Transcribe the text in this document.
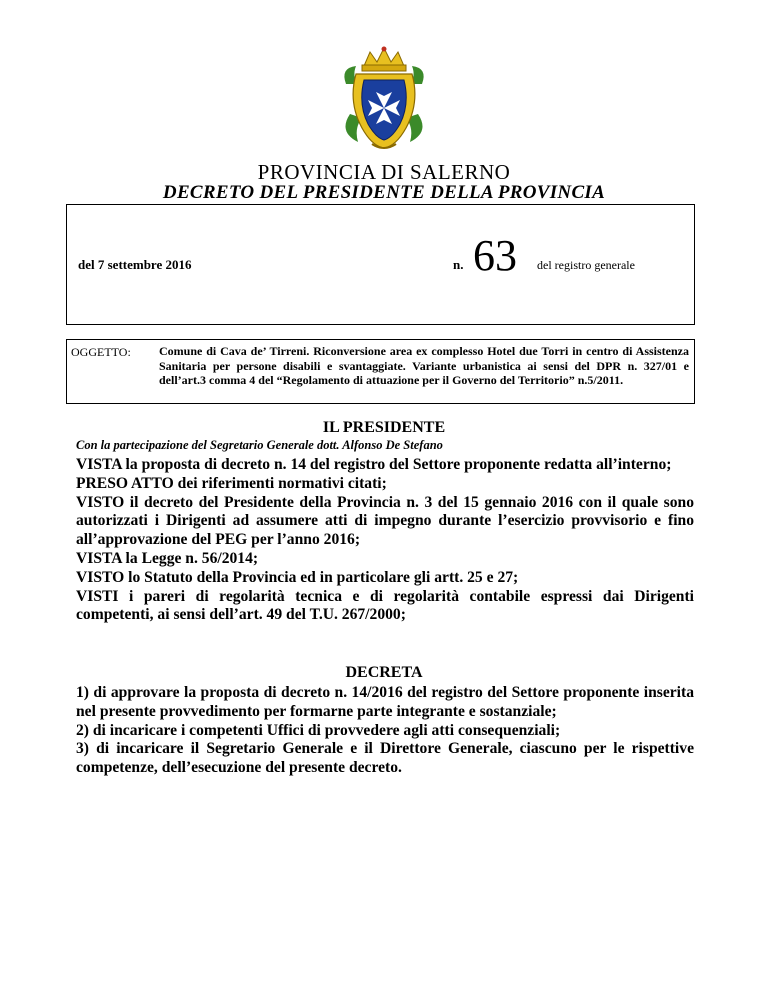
PROVINCIA DI SALERNO
DECRETO DEL PRESIDENTE DELLA PROVINCIA
del 7 settembre 2016	n. 63 del registro generale
OGGETTO: Comune di Cava de’ Tirreni. Riconversione area ex complesso Hotel due Torri in centro di Assistenza Sanitaria per persone disabili e svantaggiate. Variante urbanistica ai sensi del DPR n. 327/01 e dell’art.3 comma 4 del “Regolamento di attuazione per il Governo del Territorio” n.5/2011.
IL PRESIDENTE
Con la partecipazione del Segretario Generale dott. Alfonso De Stefano

VISTA la proposta di decreto n. 14 del registro del Settore proponente redatta all’interno;

PRESO ATTO dei riferimenti normativi citati;

VISTO il decreto del Presidente della Provincia n. 3 del 15 gennaio 2016 con il quale sono autorizzati i Dirigenti ad assumere atti di impegno durante l’esercizio provvisorio e fino all’approvazione del PEG per l’anno 2016;

VISTA la Legge n. 56/2014;

VISTO lo Statuto della Provincia ed in particolare gli artt. 25 e 27;

VISTI i pareri di regolarità tecnica e di regolarità contabile espressi dai Dirigenti competenti, ai sensi dell’art. 49 del T.U. 267/2000;

DECRETA

1) di approvare la proposta di decreto n. 14/2016 del registro del Settore proponente inserita nel presente provvedimento per formarne parte integrante e sostanziale;

2) di incaricare i competenti Uffici di provvedere agli atti consequenziali;

3) di incaricare il Segretario Generale e il Direttore Generale, ciascuno per le rispettive competenze, dell’esecuzione del presente decreto.
